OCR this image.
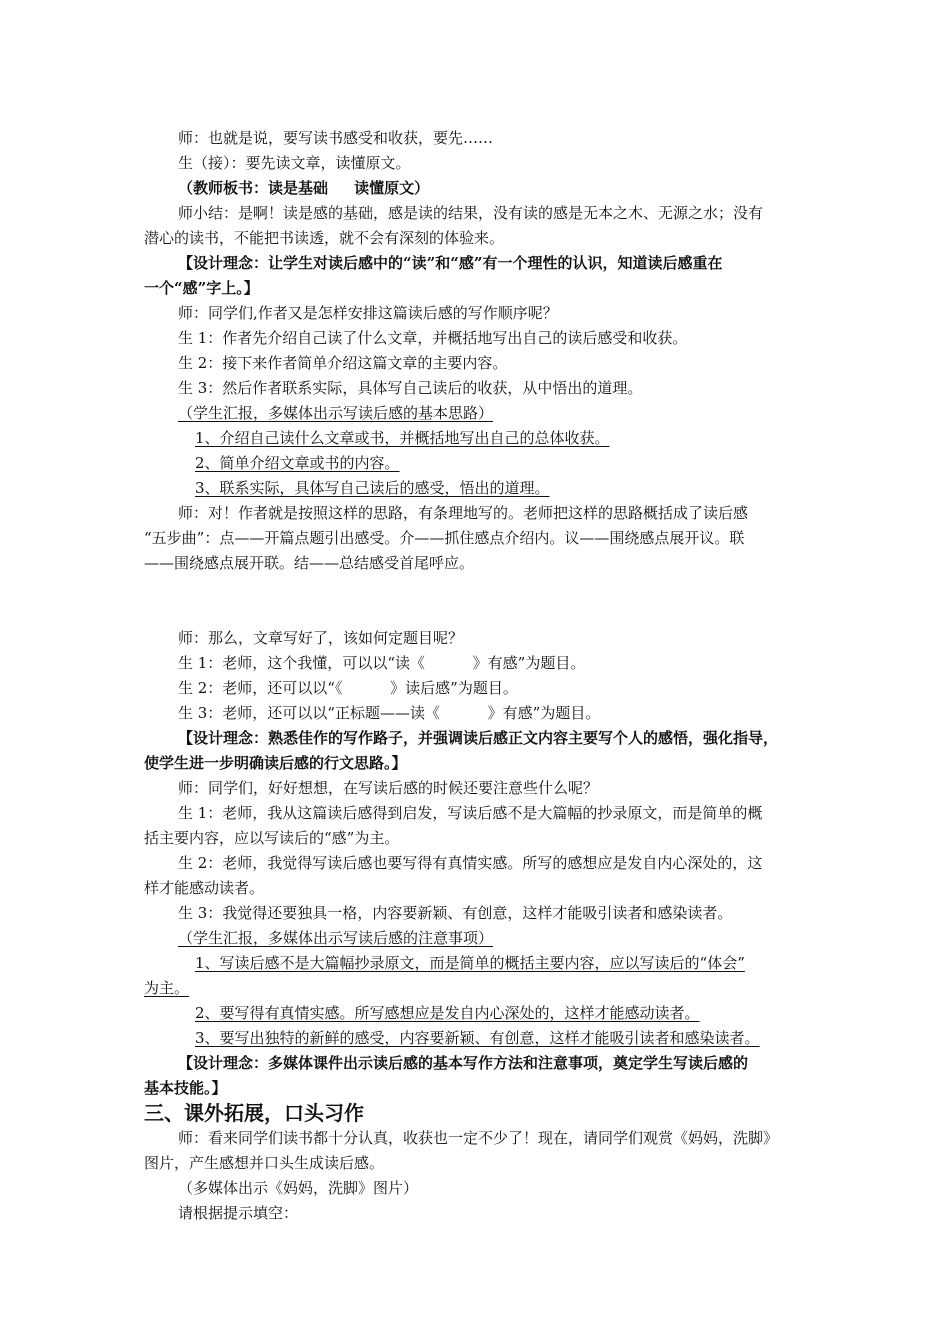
师：也就是说，要写读书感受和收获，要先……
生（接）：要先读文章，读懂原文。
（教师板书：读是基础     读懂原文）
师小结：是啊！读是感的基础，感是读的结果，没有读的感是无本之木、无源之水；没有
潜心的读书，不能把书读透，就不会有深刻的体验来。
【设计理念：让学生对读后感中的“读”和“感”有一个理性的认识，知道读后感重在
一个“感”字上。】
师：同学们,作者又是怎样安排这篇读后感的写作顺序呢？
生 1：作者先介绍自己读了什么文章，并概括地写出自己的读后感受和收获。
生 2：接下来作者简单介绍这篇文章的主要内容。
生 3：然后作者联系实际，具体写自己读后的收获，从中悟出的道理。
（学生汇报，多媒体出示写读后感的基本思路）
1、介绍自己读什么文章或书，并概括地写出自己的总体收获。
2、简单介绍文章或书的内容。
3、联系实际，具体写自己读后的感受，悟出的道理。
师：对！作者就是按照这样的思路，有条理地写的。老师把这样的思路概括成了读后感
“五步曲”：点——开篇点题引出感受。介——抓住感点介绍内。议——围绕感点展开议。联
——围绕感点展开联。结——总结感受首尾呼应。
师：那么，文章写好了，该如何定题目呢？
生 1：老师，这个我懂，可以以“读《          》有感”为题目。
生 2：老师，还可以以“《          》读后感”为题目。
生 3：老师，还可以以“正标题——读《          》有感”为题目。
【设计理念：熟悉佳作的写作路子，并强调读后感正文内容主要写个人的感悟，强化指导，
使学生进一步明确读后感的行文思路。】
师：同学们，好好想想，在写读后感的时候还要注意些什么呢？
生 1：老师，我从这篇读后感得到启发，写读后感不是大篇幅的抄录原文，而是简单的概
括主要内容，应以写读后的“感”为主。
生 2：老师，我觉得写读后感也要写得有真情实感。所写的感想应是发自内心深处的，这
样才能感动读者。
生 3：我觉得还要独具一格，内容要新颖、有创意，这样才能吸引读者和感染读者。
（学生汇报，多媒体出示写读后感的注意事项）
1、写读后感不是大篇幅抄录原文，而是简单的概括主要内容，应以写读后的“体会”
为主。
2、要写得有真情实感。所写感想应是发自内心深处的，这样才能感动读者。
3、要写出独特的新鲜的感受，内容要新颖、有创意，这样才能吸引读者和感染读者。
【设计理念：多媒体课件出示读后感的基本写作方法和注意事项，奠定学生写读后感的
基本技能。】
三、课外拓展，口头习作
师：看来同学们读书都十分认真，收获也一定不少了！现在，请同学们观赏《妈妈，洗脚》
图片，产生感想并口头生成读后感。
（多媒体出示《妈妈，洗脚》图片）
请根据提示填空：
